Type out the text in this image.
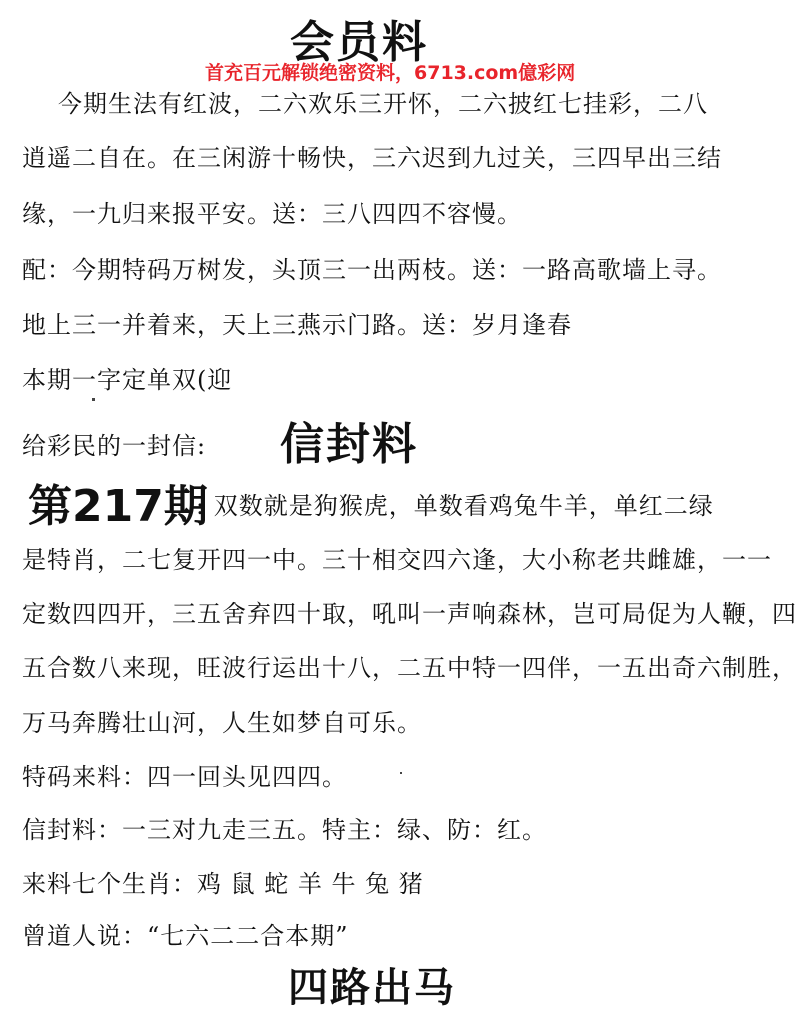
会员料
首充百元解锁绝密资料，6713.com億彩网
今期生法有红波，二六欢乐三开怀，二六披红七挂彩，二八
逍遥二自在。在三闲游十畅快，三六迟到九过关，三四早出三结
缘，一九归来报平安。送：三八四四不容慢。
配：今期特码万树发，头顶三一出两枝。送：一路高歌墙上寻。
地上三一并着来，天上三燕示门路。送：岁月逢春
本期一字定单双(迎
给彩民的一封信: 信封料
第217期
: 双数就是狗猴虎，单数看鸡兔牛羊，单红二绿
是特肖，二七复开四一中。三十相交四六逢，大小称老共雌雄，一一
定数四四开，三五舍弃四十取，吼叫一声响森林，岂可局促为人鞭，四
五合数八来现，旺波行运出十八，二五中特一四伴，一五出奇六制胜，
万马奔腾壮山河，人生如梦自可乐。
特码来料：四一回头见四四。
信封料：一三对九走三五。特主：绿、防：红。
来料七个生肖：鸡 鼠 蛇 羊 牛 兔 猪
曾道人说：“七六二二合本期”
四路出马
